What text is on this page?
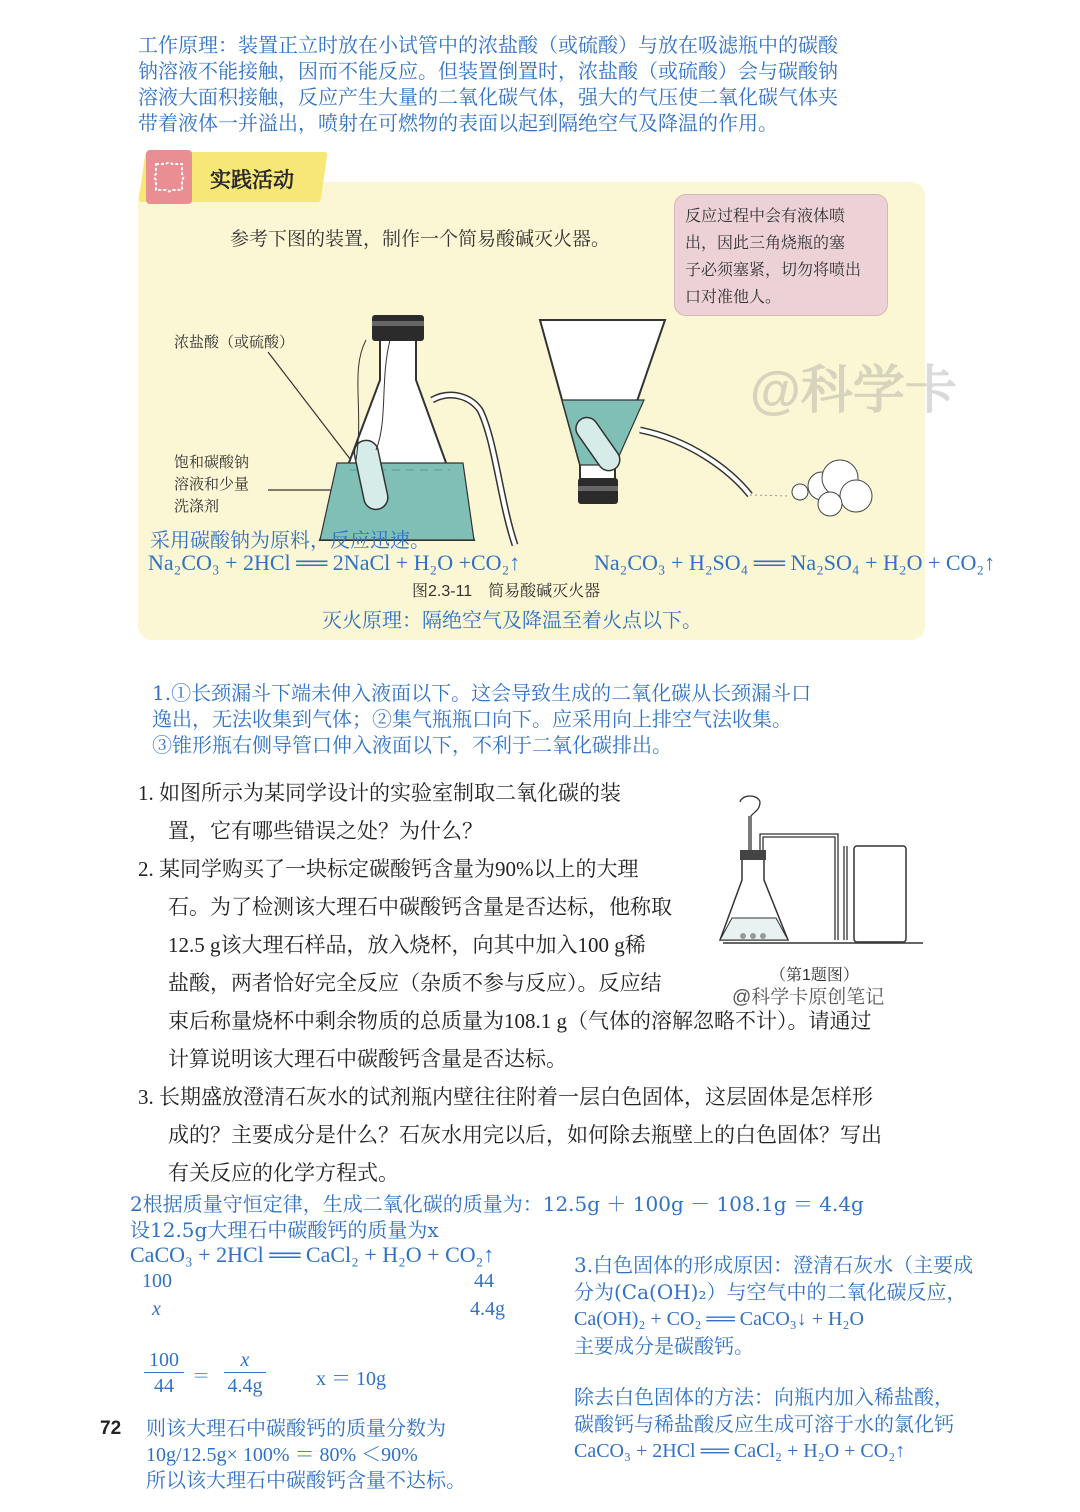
工作原理：装置正立时放在小试管中的浓盐酸（或硫酸）与放在吸滤瓶中的碳酸
钠溶液不能接触，因而不能反应。但装置倒置时，浓盐酸（或硫酸）会与碳酸钠
溶液大面积接触，反应产生大量的二氧化碳气体，强大的气压使二氧化碳气体夹
带着液体一并溢出，喷射在可燃物的表面以起到隔绝空气及降温的作用。
实践活动
参考下图的装置，制作一个简易酸碱灭火器。
反应过程中会有液体喷
出，因此三角烧瓶的塞
子必须塞紧，切勿将喷出
口对准他人。
浓盐酸（或硫酸）
饱和碳酸钠
溶液和少量
洗涤剂
@科学卡
采用碳酸钠为原料，反应迅速。
Na₂CO₃ + 2HCl ══ 2NaCl + H₂O +CO₂↑	Na₂CO₃ + H₂SO₄ ══ Na₂SO₄ + H₂O + CO₂↑
图2.3-11　简易酸碱灭火器
灭火原理：隔绝空气及降温至着火点以下。
1.①长颈漏斗下端未伸入液面以下。这会导致生成的二氧化碳从长颈漏斗口
逸出，无法收集到气体；②集气瓶瓶口向下。应采用向上排空气法收集。
③锥形瓶右侧导管口伸入液面以下，不利于二氧化碳排出。
1. 如图所示为某同学设计的实验室制取二氧化碳的装
置，它有哪些错误之处？为什么？
2. 某同学购买了一块标定碳酸钙含量为90%以上的大理
石。为了检测该大理石中碳酸钙含量是否达标，他称取
12.5 g该大理石样品，放入烧杯，向其中加入100 g稀
盐酸，两者恰好完全反应（杂质不参与反应）。反应结
束后称量烧杯中剩余物质的总质量为108.1 g（气体的溶解忽略不计）。请通过
计算说明该大理石中碳酸钙含量是否达标。
3. 长期盛放澄清石灰水的试剂瓶内壁往往附着一层白色固体，这层固体是怎样形
成的？主要成分是什么？石灰水用完以后，如何除去瓶壁上的白色固体？写出
有关反应的化学方程式。
（第1题图）
@科学卡原创笔记
2根据质量守恒定律，生成二氧化碳的质量为：12.5g ＋ 100g － 108.1g ＝ 4.4g
设12.5g大理石中碳酸钙的质量为x
CaCO₃ + 2HCl ══ CaCl₂ + H₂O + CO₂↑
100	44
x	4.4g
$\frac{100}{44} = \frac{x}{4.4g}$	x ＝ 10g
则该大理石中碳酸钙的质量分数为
10g/12.5g× 100% ＝ 80% ＜90%
所以该大理石中碳酸钙含量不达标。
3.白色固体的形成原因：澄清石灰水（主要成
分为(Ca(OH)₂）与空气中的二氧化碳反应，
Ca(OH)₂ + CO₂ ══ CaCO₃↓ + H₂O
主要成分是碳酸钙。
除去白色固体的方法：向瓶内加入稀盐酸，
碳酸钙与稀盐酸反应生成可溶于水的氯化钙
CaCO₃ + 2HCl ══ CaCl₂ + H₂O + CO₂↑
72
